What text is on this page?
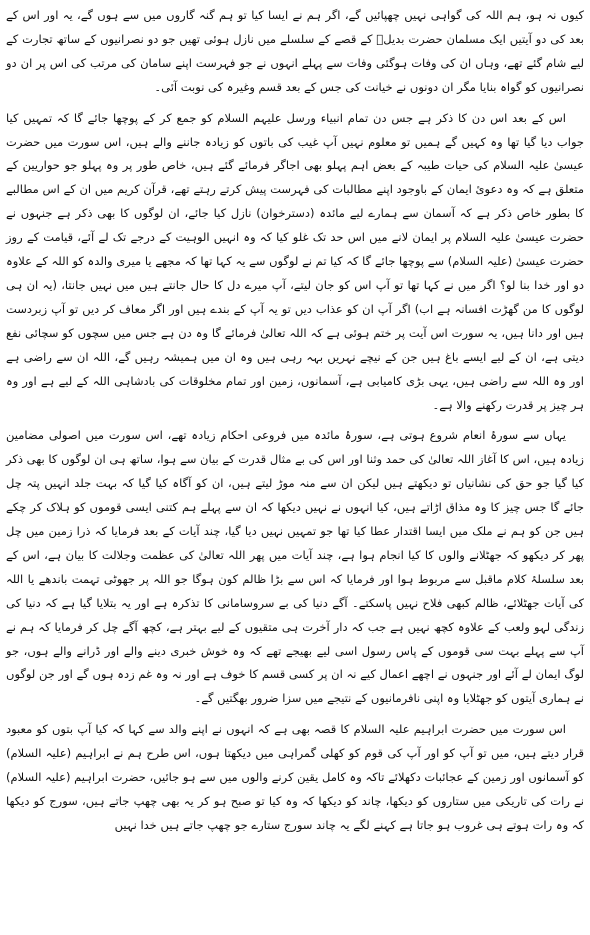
کیوں نہ ہو، ہم اللہ کی گواہی نہیں چھپائیں گے، اگر ہم نے ایسا کیا تو ہم گنہ گاروں میں سے ہوں گے، یہ اور اس کے بعد کی دو آیتیں ایک مسلمان حضرت بدیلؓ کے قصے کے سلسلے میں نازل ہوئی تھیں جو دو نصرانیوں کے ساتھ تجارت کے لیے شام گئے تھے، وہاں ان کی وفات ہوگئی وفات سے پہلے انہوں نے جو فہرست اپنے سامان کی مرتب کی اس پر ان دو نصرانیوں کو گواہ بنایا مگر ان دونوں نے خیانت کی جس کے بعد قسم وغیرہ کی نوبت آئی۔

اس کے بعد اس دن کا ذکر ہے جس دن تمام انبیاء ورسل علیہم السلام کو جمع کر کے پوچھا جائے گا کہ تمہیں کیا جواب دیا گیا تھا وہ کہیں گے ہمیں تو معلوم نہیں آپ غیب کی باتوں کو زیادہ جاننے والے ہیں، اس سورت میں حضرت عیسیٰ علیہ السلام کی حیات طیبہ کے بعض اہم پہلو بھی اجاگر فرمائے گئے ہیں، خاص طور پر وہ پہلو جو حواریین کے متعلق ہے کہ وہ دعویٔ ایمان کے باوجود اپنے مطالبات کی فہرست پیش کرتے رہتے تھے، قرآن کریم میں ان کے اس مطالبے کا بطور خاص ذکر ہے کہ آسمان سے ہمارے لیے مائدہ (دسترخوان) نازل کیا جائے، ان لوگوں کا بھی ذکر ہے جنہوں نے حضرت عیسیٰ علیہ السلام پر ایمان لانے میں اس حد تک غلو کیا کہ وہ انہیں الوہیت کے درجے تک لے آئے، قیامت کے روز حضرت عیسیٰ (علیہ السلام) سے پوچھا جائے گا کہ کیا تم نے لوگوں سے یہ کہا تھا کہ مجھے یا میری والدہ کو اللہ کے علاوہ دو اور خدا بنا لو؟ اگر میں نے کہا تھا تو آپ اس کو جان لیتے، آپ میرے دل کا حال جانتے ہیں میں نہیں جانتا، (یہ ان ہی لوگوں کا من گھڑت افسانہ ہے اب) اگر آپ ان کو عذاب دیں تو یہ آپ کے بندے ہیں اور اگر معاف کر دیں تو آپ زبردست ہیں اور دانا ہیں، یہ سورت اس آیت پر ختم ہوئی ہے کہ اللہ تعالیٰ فرمائے گا وہ دن ہے جس میں سچوں کو سچائی نفع دیتی ہے، ان کے لیے ایسے باغ ہیں جن کے نیچے نہریں بہہ رہی ہیں وہ ان میں ہمیشہ رہیں گے، اللہ ان سے راضی ہے اور وہ اللہ سے راضی ہیں، یہی بڑی کامیابی ہے، آسمانوں، زمین اور تمام مخلوقات کی بادشاہی اللہ کے لیے ہے اور وہ ہر چیز پر قدرت رکھنے والا ہے۔

یہاں سے سورۂ انعام شروع ہوتی ہے، سورۂ مائدہ میں فروعی احکام زیادہ تھے، اس سورت میں اصولی مضامین زیادہ ہیں، اس کا آغاز اللہ تعالیٰ کی حمد وثنا اور اس کی بے مثال قدرت کے بیان سے ہوا، ساتھ ہی ان لوگوں کا بھی ذکر کیا گیا جو حق کی نشانیاں تو دیکھتے ہیں لیکن ان سے منہ موڑ لیتے ہیں، ان کو آگاہ کیا گیا کہ بہت جلد انہیں پتہ چل جائے گا جس چیز کا وہ مذاق اڑاتے ہیں، کیا انہوں نے نہیں دیکھا کہ ان سے پہلے ہم کتنی ایسی قوموں کو ہلاک کر چکے ہیں جن کو ہم نے ملک میں ایسا اقتدار عطا کیا تھا جو تمہیں نہیں دیا گیا، چند آیات کے بعد فرمایا کہ ذرا زمین میں چل پھر کر دیکھو کہ جھٹلانے والوں کا کیا انجام ہوا ہے، چند آیات میں پھر اللہ تعالیٰ کی عظمت وجلالت کا بیان ہے، اس کے بعد سلسلۂ کلام ماقبل سے مربوط ہوا اور فرمایا کہ اس سے بڑا ظالم کون ہوگا جو اللہ پر جھوٹی تہمت باندھے یا اللہ کی آیات جھٹلائے، ظالم کبھی فلاح نہیں پاسکتے۔ آگے دنیا کی بے سروسامانی کا تذکرہ ہے اور یہ بتلایا گیا ہے کہ دنیا کی زندگی لہو ولعب کے علاوہ کچھ نہیں ہے جب کہ دار آخرت ہی متقیوں کے لیے بہتر ہے، کچھ آگے چل کر فرمایا کہ ہم نے آپ سے پہلے بہت سی قوموں کے پاس رسول اسی لیے بھیجے تھے کہ وہ خوش خبری دینے والے اور ڈرانے والے ہوں، جو لوگ ایمان لے آئے اور جنہوں نے اچھے اعمال کیے نہ ان پر کسی قسم کا خوف ہے اور نہ وہ غم زدہ ہوں گے اور جن لوگوں نے ہماری آیتوں کو جھٹلایا وہ اپنی نافرمانیوں کے نتیجے میں سزا ضرور بھگتیں گے۔

اس سورت میں حضرت ابراہیم علیہ السلام کا قصہ بھی ہے کہ انہوں نے اپنے والد سے کہا کہ کیا آپ بتوں کو معبود قرار دیتے ہیں، میں تو آپ کو اور آپ کی قوم کو کھلی گمراہی میں دیکھتا ہوں، اس طرح ہم نے ابراہیم (علیہ السلام) کو آسمانوں اور زمین کے عجائبات دکھلائے تاکہ وہ کامل یقین کرنے والوں میں سے ہو جائیں، حضرت ابراہیم (علیہ السلام) نے رات کی تاریکی میں ستاروں کو دیکھا، چاند کو دیکھا کہ وہ کیا تو صبح ہو کر یہ بھی چھپ جاتے ہیں، سورج کو دیکھا کہ وہ رات ہوتے ہی غروب ہو جاتا ہے کہنے لگے یہ چاند سورج ستارے جو چھپ جاتے ہیں خدا نہیں
